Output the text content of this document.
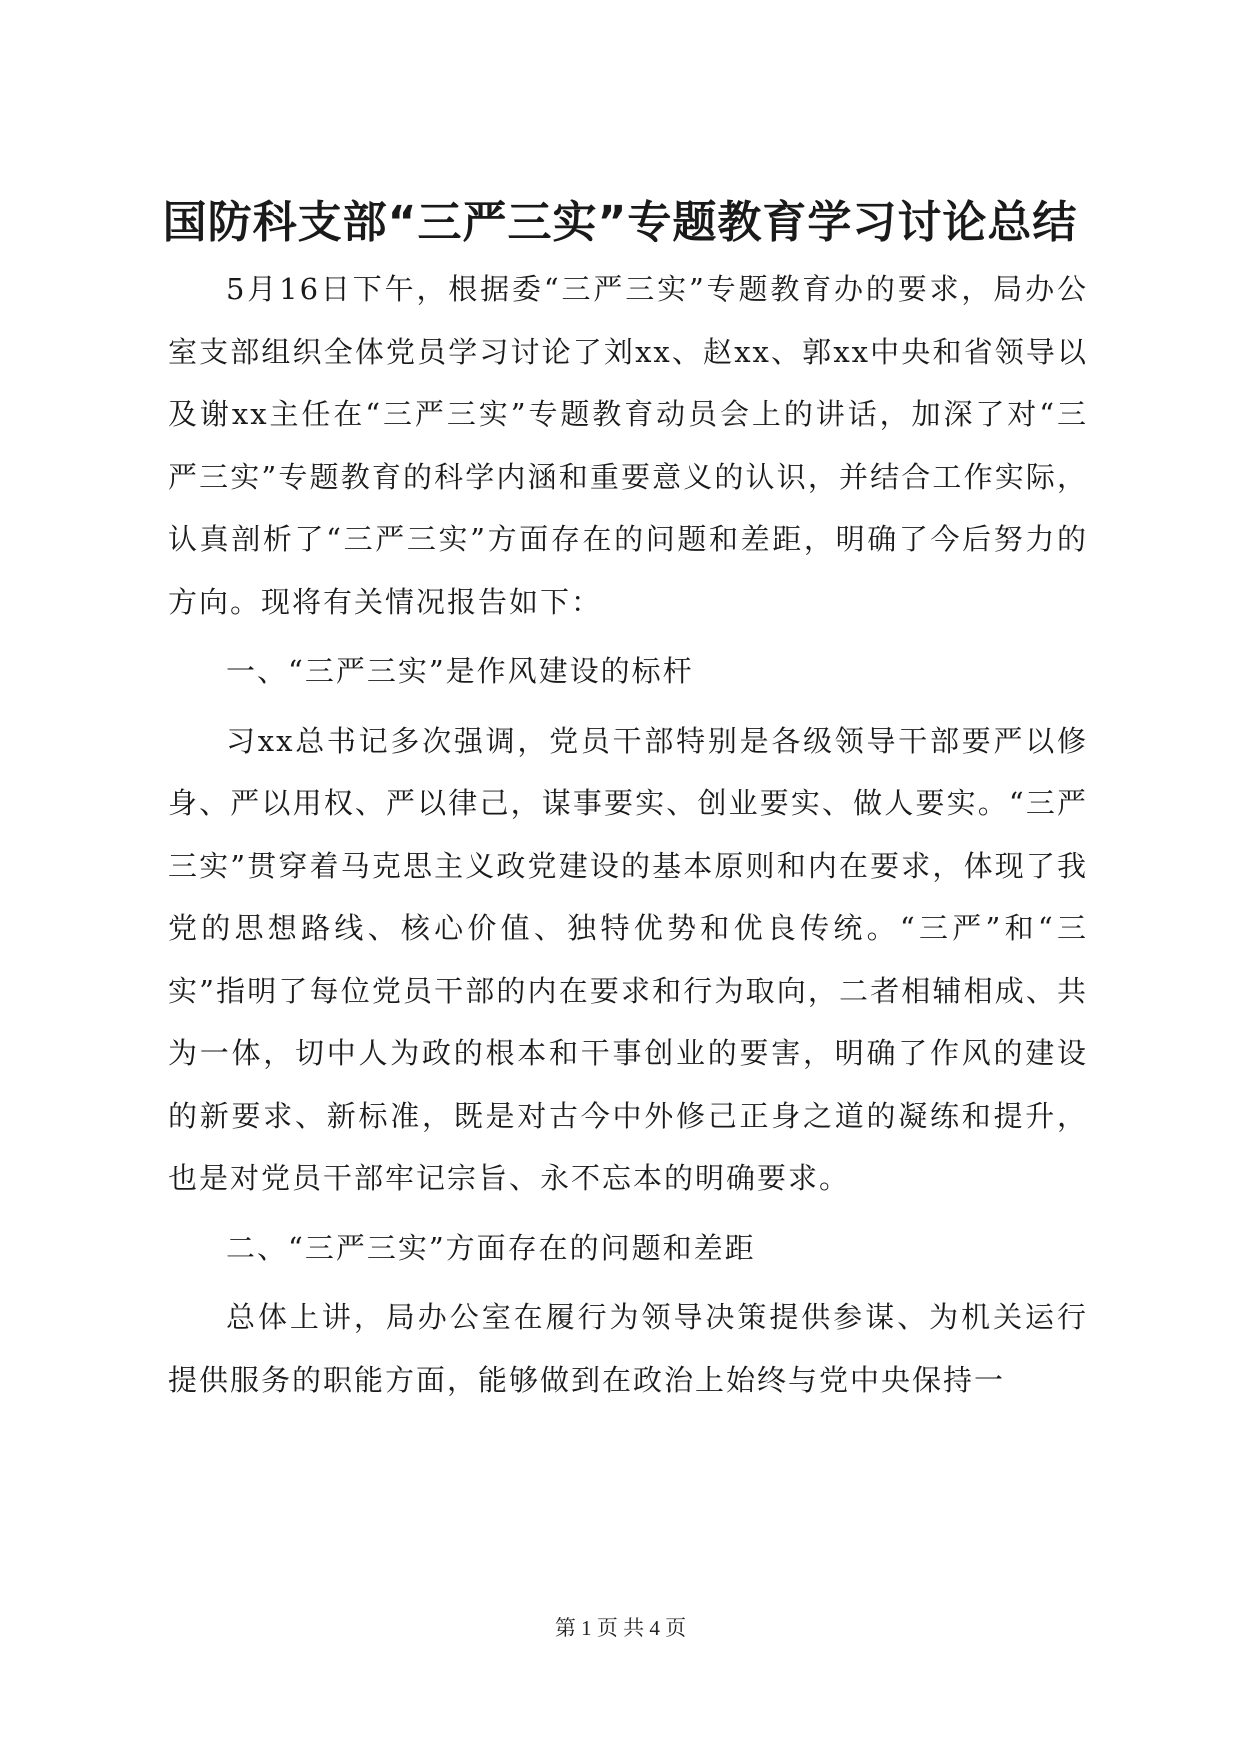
国防科支部“三严三实”专题教育学习讨论总结

5月16日下午，根据委“三严三实”专题教育办的要求，局办公室支部组织全体党员学习讨论了刘xx、赵xx、郭xx中央和省领导以及谢xx主任在“三严三实”专题教育动员会上的讲话，加深了对“三严三实”专题教育的科学内涵和重要意义的认识，并结合工作实际，认真剖析了“三严三实”方面存在的问题和差距，明确了今后努力的方向。现将有关情况报告如下：

一、“三严三实”是作风建设的标杆

习xx总书记多次强调，党员干部特别是各级领导干部要严以修身、严以用权、严以律己，谋事要实、创业要实、做人要实。“三严三实”贯穿着马克思主义政党建设的基本原则和内在要求，体现了我党的思想路线、核心价值、独特优势和优良传统。“三严”和“三实”指明了每位党员干部的内在要求和行为取向，二者相辅相成、共为一体，切中人为政的根本和干事创业的要害，明确了作风的建设的新要求、新标准，既是对古今中外修己正身之道的凝练和提升，也是对党员干部牢记宗旨、永不忘本的明确要求。

二、“三严三实”方面存在的问题和差距

总体上讲，局办公室在履行为领导决策提供参谋、为机关运行提供服务的职能方面，能够做到在政治上始终与党中央保持一

第 1 页 共 4 页
